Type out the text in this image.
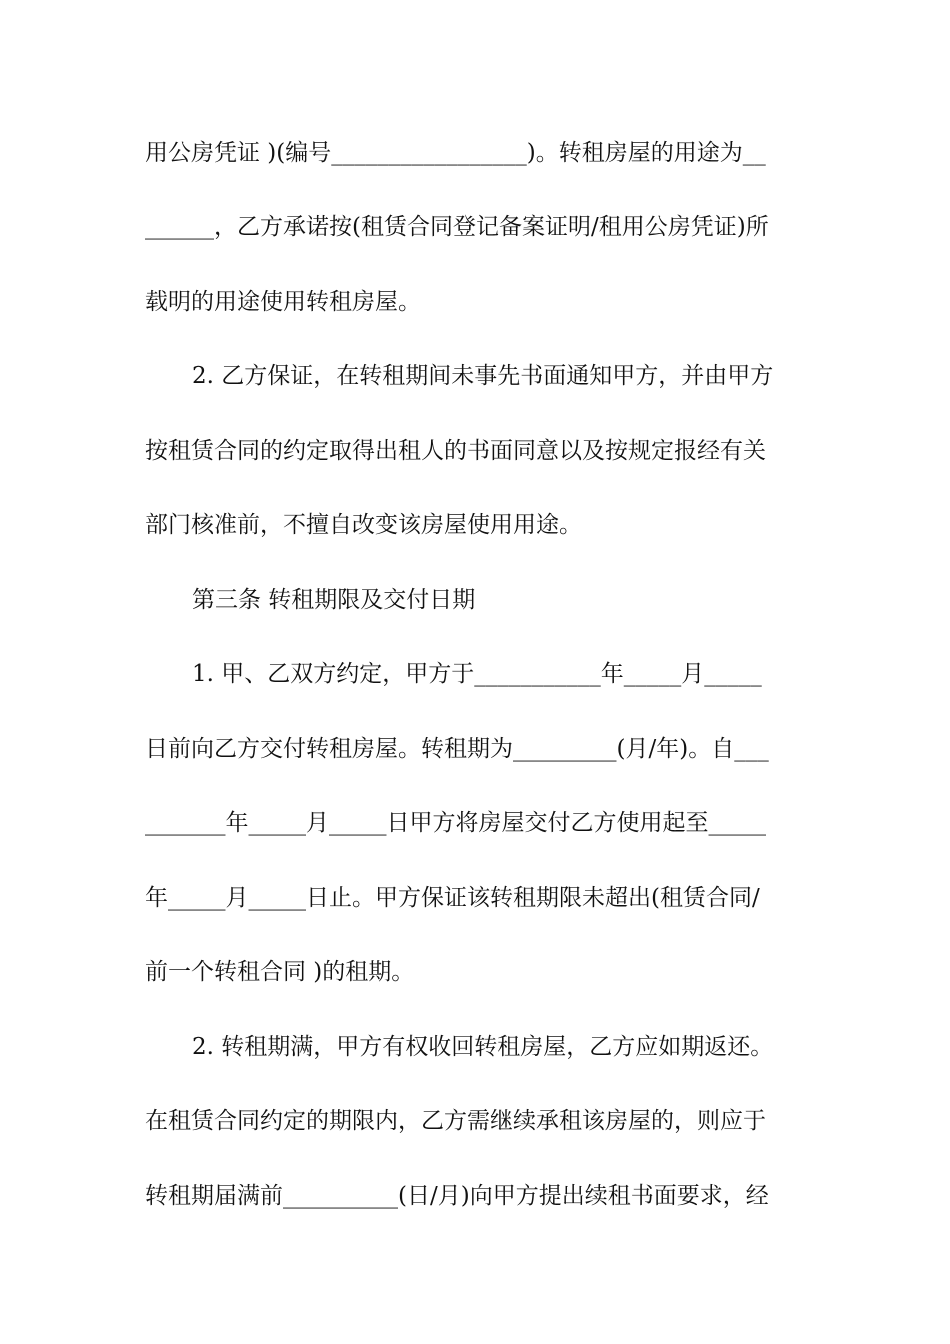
用公房凭证 )(编号_________________)。转租房屋的用途为__
______，乙方承诺按(租赁合同登记备案证明/租用公房凭证)所
载明的用途使用转租房屋。
2. 乙方保证，在转租期间未事先书面通知甲方，并由甲方
按租赁合同的约定取得出租人的书面同意以及按规定报经有关
部门核准前，不擅自改变该房屋使用用途。
第三条 转租期限及交付日期
1. 甲、乙双方约定，甲方于___________年_____月_____
日前向乙方交付转租房屋。转租期为_________(月/年)。自___
_______年_____月_____日甲方将房屋交付乙方使用起至_____
年_____月_____日止。甲方保证该转租期限未超出(租赁合同/
前一个转租合同 )的租期。
2. 转租期满，甲方有权收回转租房屋，乙方应如期返还。
在租赁合同约定的期限内，乙方需继续承租该房屋的，则应于
转租期届满前__________(日/月)向甲方提出续租书面要求，经
